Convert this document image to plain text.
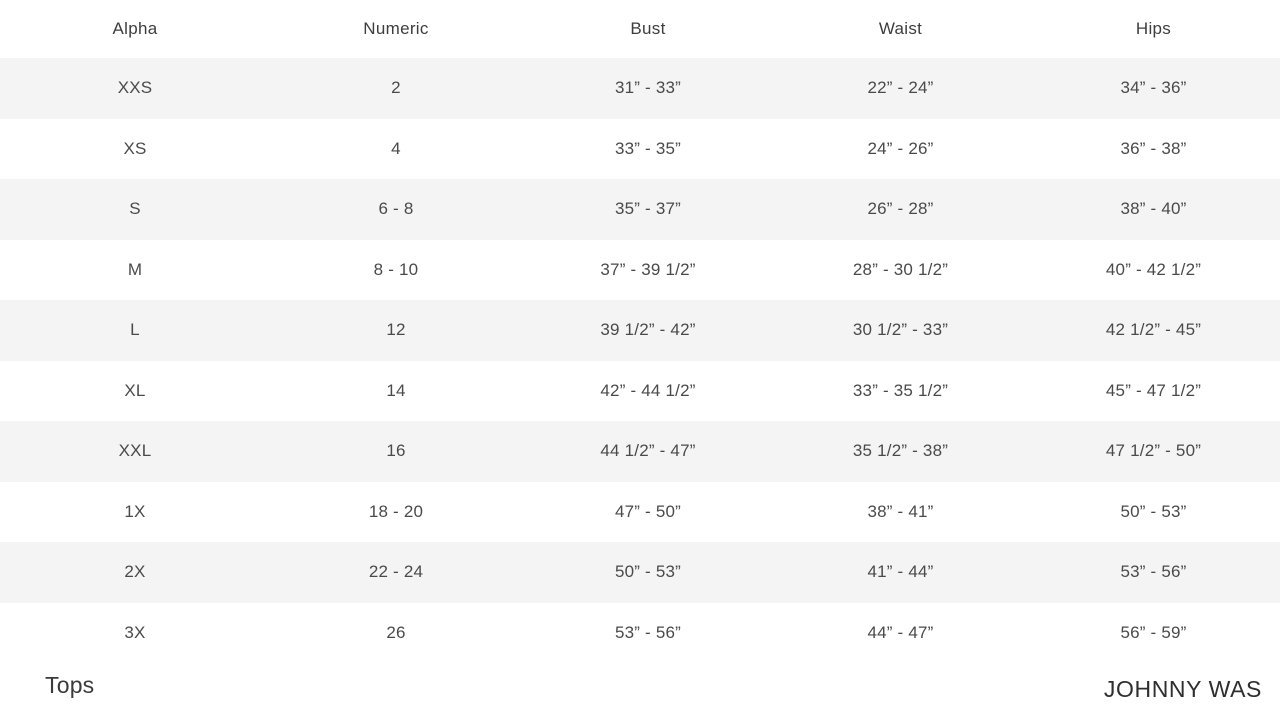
Alpha	Numeric	Bust	Waist	Hips
XXS	2	31” - 33”	22” - 24”	34” - 36”
XS	4	33” - 35”	24” - 26”	36” - 38”
S	6 - 8	35” - 37”	26” - 28”	38” - 40”
M	8 - 10	37” - 39 1/2”	28” - 30 1/2”	40” - 42 1/2”
L	12	39 1/2” - 42”	30 1/2” - 33”	42 1/2” - 45”
XL	14	42” - 44 1/2”	33” - 35 1/2”	45” - 47 1/2”
XXL	16	44 1/2” - 47”	35 1/2” - 38”	47 1/2” - 50”
1X	18 - 20	47” - 50”	38” - 41”	50” - 53”
2X	22 - 24	50” - 53”	41” - 44”	53” - 56”
3X	26	53” - 56”	44” - 47”	56” - 59”
Tops	JOHNNY WAS
